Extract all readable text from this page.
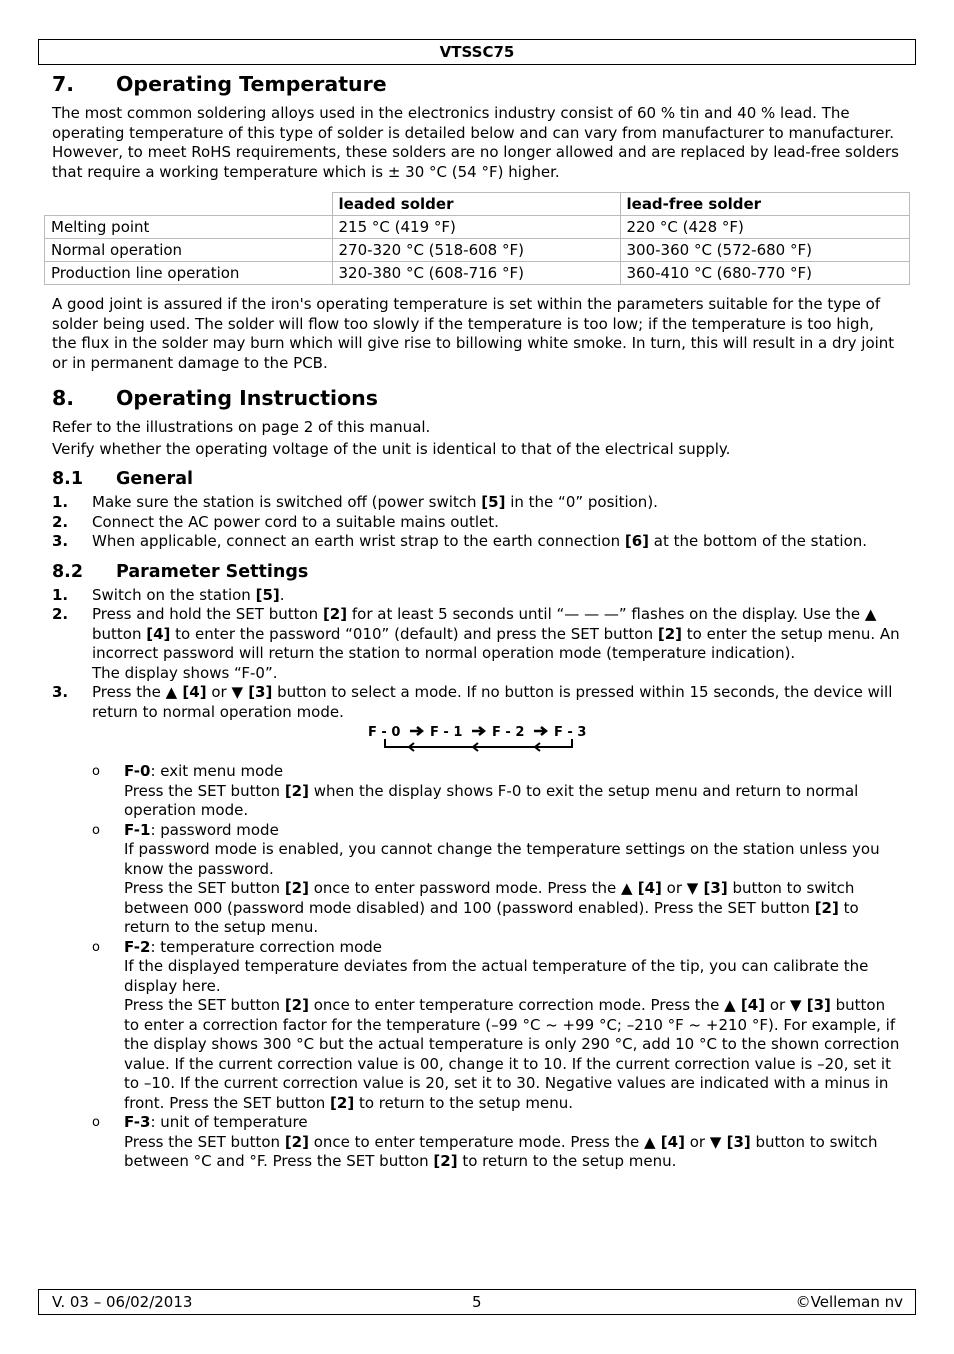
VTSSC75
7. Operating Temperature

The most common soldering alloys used in the electronics industry consist of 60 % tin and 40 % lead. The operating temperature of this type of solder is detailed below and can vary from manufacturer to manufacturer. However, to meet RoHS requirements, these solders are no longer allowed and are replaced by lead-free solders that require a working temperature which is ± 30 °C (54 °F) higher.

	leaded solder	lead-free solder
Melting point	215 °C (419 °F)	220 °C (428 °F)
Normal operation	270-320 °C (518-608 °F)	300-360 °C (572-680 °F)
Production line operation	320-380 °C (608-716 °F)	360-410 °C (680-770 °F)

A good joint is assured if the iron's operating temperature is set within the parameters suitable for the type of solder being used. The solder will flow too slowly if the temperature is too low; if the temperature is too high, the flux in the solder may burn which will give rise to billowing white smoke. In turn, this will result in a dry joint or in permanent damage to the PCB.

8. Operating Instructions

Refer to the illustrations on page 2 of this manual.

Verify whether the operating voltage of the unit is identical to that of the electrical supply.

8.1 General
1. Make sure the station is switched off (power switch [5] in the “0” position).
2. Connect the AC power cord to a suitable mains outlet.
3. When applicable, connect an earth wrist strap to the earth connection [6] at the bottom of the station.
8.2 Parameter Settings
1. Switch on the station [5].
2. Press and hold the SET button [2] for at least 5 seconds until “— — —” flashes on the display. Use the ▲ button [4] to enter the password “010” (default) and press the SET button [2] to enter the setup menu. An incorrect password will return the station to normal operation mode (temperature indication).
The display shows “F-0”.
3. Press the ▲ [4] or ▼ [3] button to select a mode. If no button is pressed within 15 seconds, the device will return to normal operation mode.
F - 0 F - 1 F - 2 F - 3
o F-0: exit menu mode
Press the SET button [2] when the display shows F-0 to exit the setup menu and return to normal operation mode.
o F-1: password mode
If password mode is enabled, you cannot change the temperature settings on the station unless you know the password.
Press the SET button [2] once to enter password mode. Press the ▲ [4] or ▼ [3] button to switch between 000 (password mode disabled) and 100 (password enabled). Press the SET button [2] to return to the setup menu.
o F-2: temperature correction mode
If the displayed temperature deviates from the actual temperature of the tip, you can calibrate the display here.
Press the SET button [2] once to enter temperature correction mode. Press the ▲ [4] or ▼ [3] button to enter a correction factor for the temperature (–99 °C ~ +99 °C; –210 °F ~ +210 °F). For example, if the display shows 300 °C but the actual temperature is only 290 °C, add 10 °C to the shown correction value. If the current correction value is 00, change it to 10. If the current correction value is –20, set it to –10. If the current correction value is 20, set it to 30. Negative values are indicated with a minus in front. Press the SET button [2] to return to the setup menu.
o F-3: unit of temperature
Press the SET button [2] once to enter temperature mode. Press the ▲ [4] or ▼ [3] button to switch between °C and °F. Press the SET button [2] to return to the setup menu.
V. 03 – 06/02/2013	5	©Velleman nv
